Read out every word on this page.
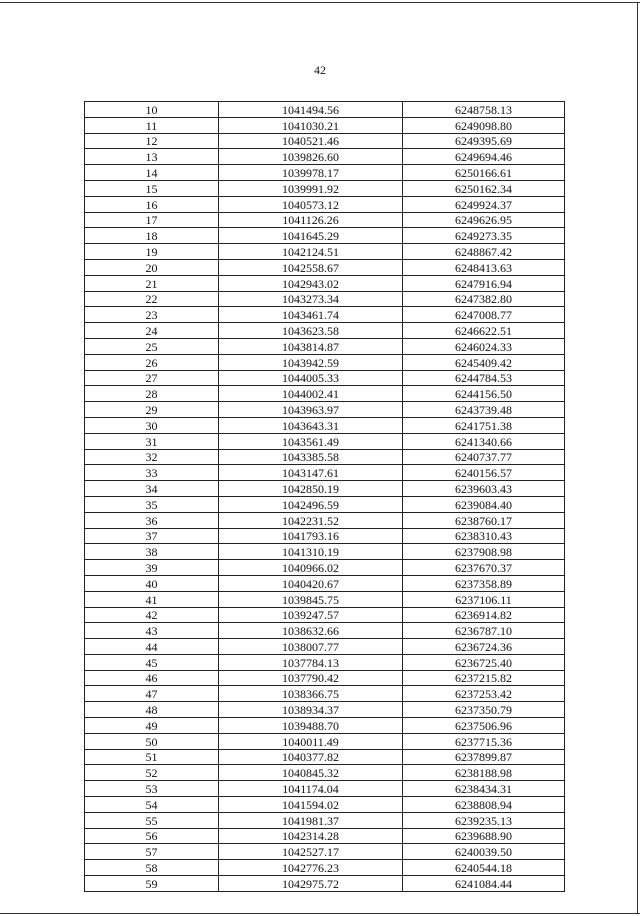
42
10	1041494.56	6248758.13
11	1041030.21	6249098.80
12	1040521.46	6249395.69
13	1039826.60	6249694.46
14	1039978.17	6250166.61
15	1039991.92	6250162.34
16	1040573.12	6249924.37
17	1041126.26	6249626.95
18	1041645.29	6249273.35
19	1042124.51	6248867.42
20	1042558.67	6248413.63
21	1042943.02	6247916.94
22	1043273.34	6247382.80
23	1043461.74	6247008.77
24	1043623.58	6246622.51
25	1043814.87	6246024.33
26	1043942.59	6245409.42
27	1044005.33	6244784.53
28	1044002.41	6244156.50
29	1043963.97	6243739.48
30	1043643.31	6241751.38
31	1043561.49	6241340.66
32	1043385.58	6240737.77
33	1043147.61	6240156.57
34	1042850.19	6239603.43
35	1042496.59	6239084.40
36	1042231.52	6238760.17
37	1041793.16	6238310.43
38	1041310.19	6237908.98
39	1040966.02	6237670.37
40	1040420.67	6237358.89
41	1039845.75	6237106.11
42	1039247.57	6236914.82
43	1038632.66	6236787.10
44	1038007.77	6236724.36
45	1037784.13	6236725.40
46	1037790.42	6237215.82
47	1038366.75	6237253.42
48	1038934.37	6237350.79
49	1039488.70	6237506.96
50	1040011.49	6237715.36
51	1040377.82	6237899.87
52	1040845.32	6238188.98
53	1041174.04	6238434.31
54	1041594.02	6238808.94
55	1041981.37	6239235.13
56	1042314.28	6239688.90
57	1042527.17	6240039.50
58	1042776.23	6240544.18
59	1042975.72	6241084.44
